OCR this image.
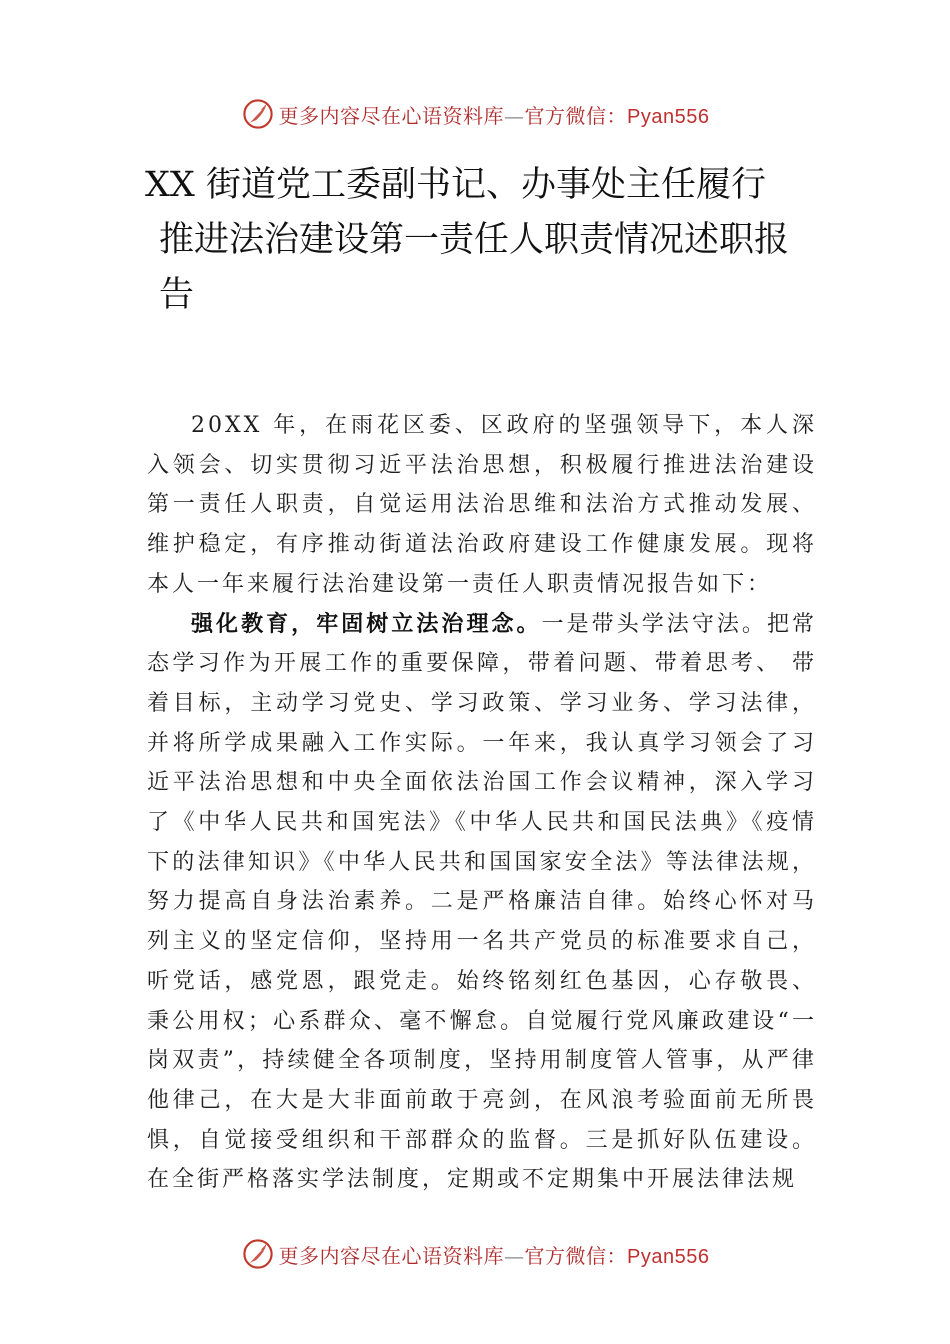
更多内容尽在心语资料库—官方微信：Pyan556
XX 街道党工委副书记、办事处主任履行
推进法治建设第一责任人职责情况述职报
告

20XX 年，在雨花区委、区政府的坚强领导下，本人深入领会、切实贯彻习近平法治思想，积极履行推进法治建设第一责任人职责，自觉运用法治思维和法治方式推动发展、维护稳定，有序推动街道法治政府建设工作健康发展。现将本人一年来履行法治建设第一责任人职责情况报告如下：

强化教育，牢固树立法治理念。一是带头学法守法。把常态学习作为开展工作的重要保障，带着问题、带着思考、 带着目标，主动学习党史、学习政策、学习业务、学习法律， 并将所学成果融入工作实际。一年来，我认真学习领会了习近平法治思想和中央全面依法治国工作会议精神，深入学习了《中华人民共和国宪法》《中华人民共和国民法典》《疫情下的法律知识》《中华人民共和国国家安全法》等法律法规， 努力提高自身法治素养。二是严格廉洁自律。始终心怀对马列主义的坚定信仰，坚持用一名共产党员的标准要求自己， 听党话，感党恩，跟党走。始终铭刻红色基因，心存敬畏、 秉公用权；心系群众、毫不懈怠。自觉履行党风廉政建设“一岗双责”，持续健全各项制度，坚持用制度管人管事，从严律他律己，在大是大非面前敢于亮剑，在风浪考验面前无所畏惧，自觉接受组织和干部群众的监督。三是抓好队伍建设。 在全街严格落实学法制度，定期或不定期集中开展法律法规

更多内容尽在心语资料库—官方微信：Pyan556
